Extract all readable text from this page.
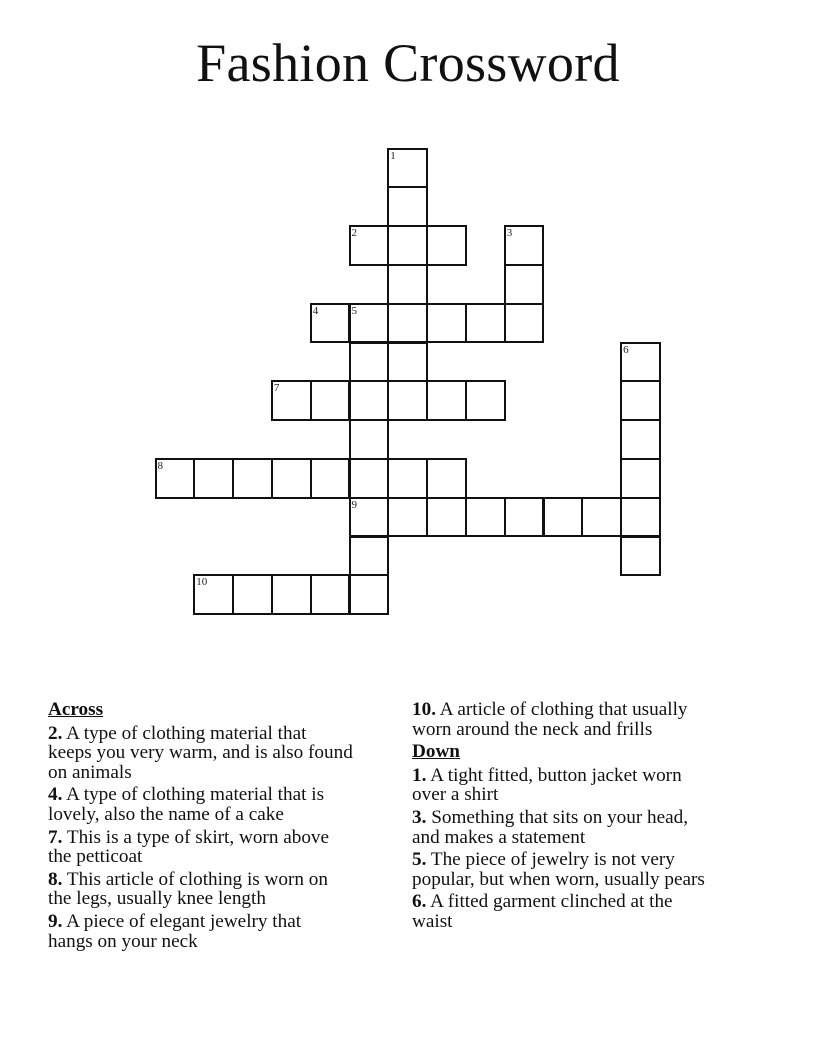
Fashion Crossword
1
2	3
4	5
6
7
8
9
10
Across
2. A type of clothing material that
keeps you very warm, and is also found
on animals
4. A type of clothing material that is
lovely, also the name of a cake
7. This is a type of skirt, worn above
the petticoat
8. This article of clothing is worn on
the legs, usually knee length
9. A piece of elegant jewelry that
hangs on your neck
10. A article of clothing that usually
worn around the neck and frills
Down
1. A tight fitted, button jacket worn
over a shirt
3. Something that sits on your head,
and makes a statement
5. The piece of jewelry is not very
popular, but when worn, usually pears
6. A fitted garment clinched at the
waist
